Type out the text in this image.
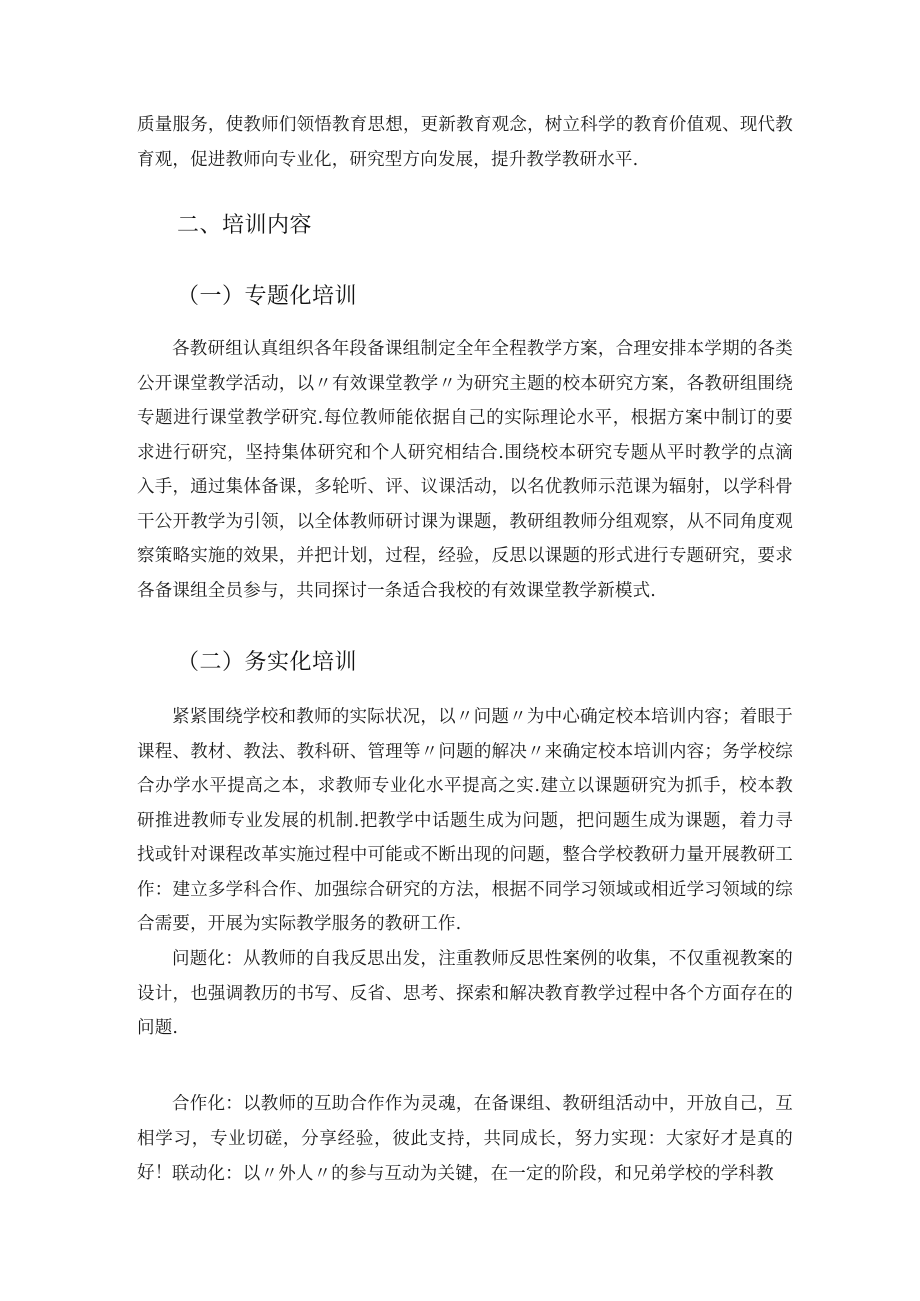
质量服务，使教师们领悟教育思想，更新教育观念，树立科学的教育价值观、现代教育观，促进教师向专业化，研究型方向发展，提升教学教研水平.

二、培训内容
（一）专题化培训

各教研组认真组织各年段备课组制定全年全程教学方案，合理安排本学期的各类公开课堂教学活动，以〃有效课堂教学〃为研究主题的校本研究方案，各教研组围绕专题进行课堂教学研究.每位教师能依据自己的实际理论水平，根据方案中制订的要求进行研究，坚持集体研究和个人研究相结合.围绕校本研究专题从平时教学的点滴入手，通过集体备课，多轮听、评、议课活动，以名优教师示范课为辐射，以学科骨干公开教学为引领，以全体教师研讨课为课题，教研组教师分组观察，从不同角度观察策略实施的效果，并把计划，过程，经验，反思以课题的形式进行专题研究，要求各备课组全员参与，共同探讨一条适合我校的有效课堂教学新模式.

（二）务实化培训

紧紧围绕学校和教师的实际状况，以〃问题〃为中心确定校本培训内容；着眼于课程、教材、教法、教科研、管理等〃问题的解决〃来确定校本培训内容；务学校综合办学水平提高之本，求教师专业化水平提高之实.建立以课题研究为抓手，校本教研推进教师专业发展的机制.把教学中话题生成为问题，把问题生成为课题，着力寻找或针对课程改革实施过程中可能或不断出现的问题，整合学校教研力量开展教研工作：建立多学科合作、加强综合研究的方法，根据不同学习领域或相近学习领域的综合需要，开展为实际教学服务的教研工作.

问题化：从教师的自我反思出发，注重教师反思性案例的收集，不仅重视教案的设计，也强调教历的书写、反省、思考、探索和解决教育教学过程中各个方面存在的问题.

合作化：以教师的互助合作作为灵魂，在备课组、教研组活动中，开放自己，互相学习，专业切磋，分享经验，彼此支持，共同成长，努力实现：大家好才是真的好！ 联动化：以〃外人〃的参与互动为关键，在一定的阶段，和兄弟学校的学科教
